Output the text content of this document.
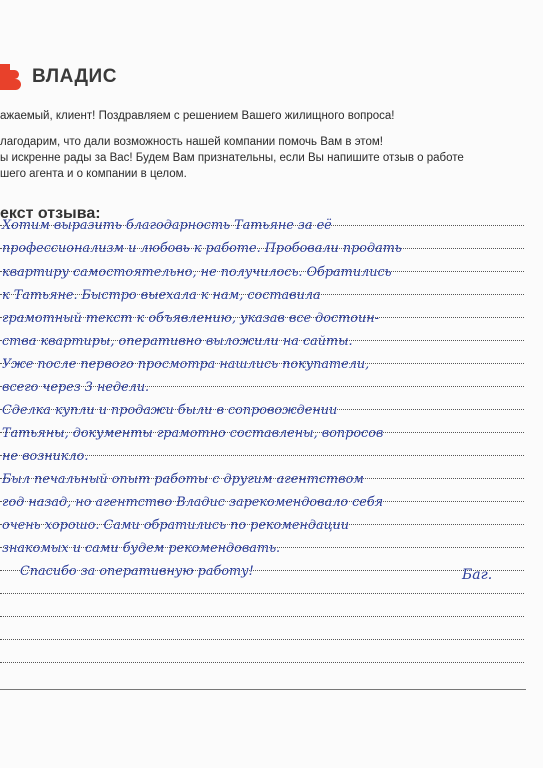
ВЛАДИС

ажаемый, клиент! Поздравляем с решением Вашего жилищного вопроса!

лагодарим, что дали возможность нашей компании помочь Вам в этом!

ы искренне рады за Вас! Будем Вам признательны, если Вы напишите отзыв о работе

шего агента и о компании в целом.

екст отзыва:
Хотим выразить благодарность Татьяне за её
профессионализм и любовь к работе. Пробовали продать
квартиру самостоятельно, не получилось. Обратились
к Татьяне. Быстро выехала к нам, составила
грамотный текст к объявлению, указав все достоин-
ства квартиры, оперативно выложили на сайты.
Уже после первого просмотра нашлись покупатели,
всего через 3 недели.
Сделка купли и продажи были в сопровождении
Татьяны, документы грамотно составлены, вопросов
не возникло.
Был печальный опыт работы с другим агентством
год назад, но агентство Владис зарекомендовало себя
очень хорошо. Сами обратились по рекомендации
знакомых и сами будем рекомендовать.
Спасибо за оперативную работу!	Баг.
